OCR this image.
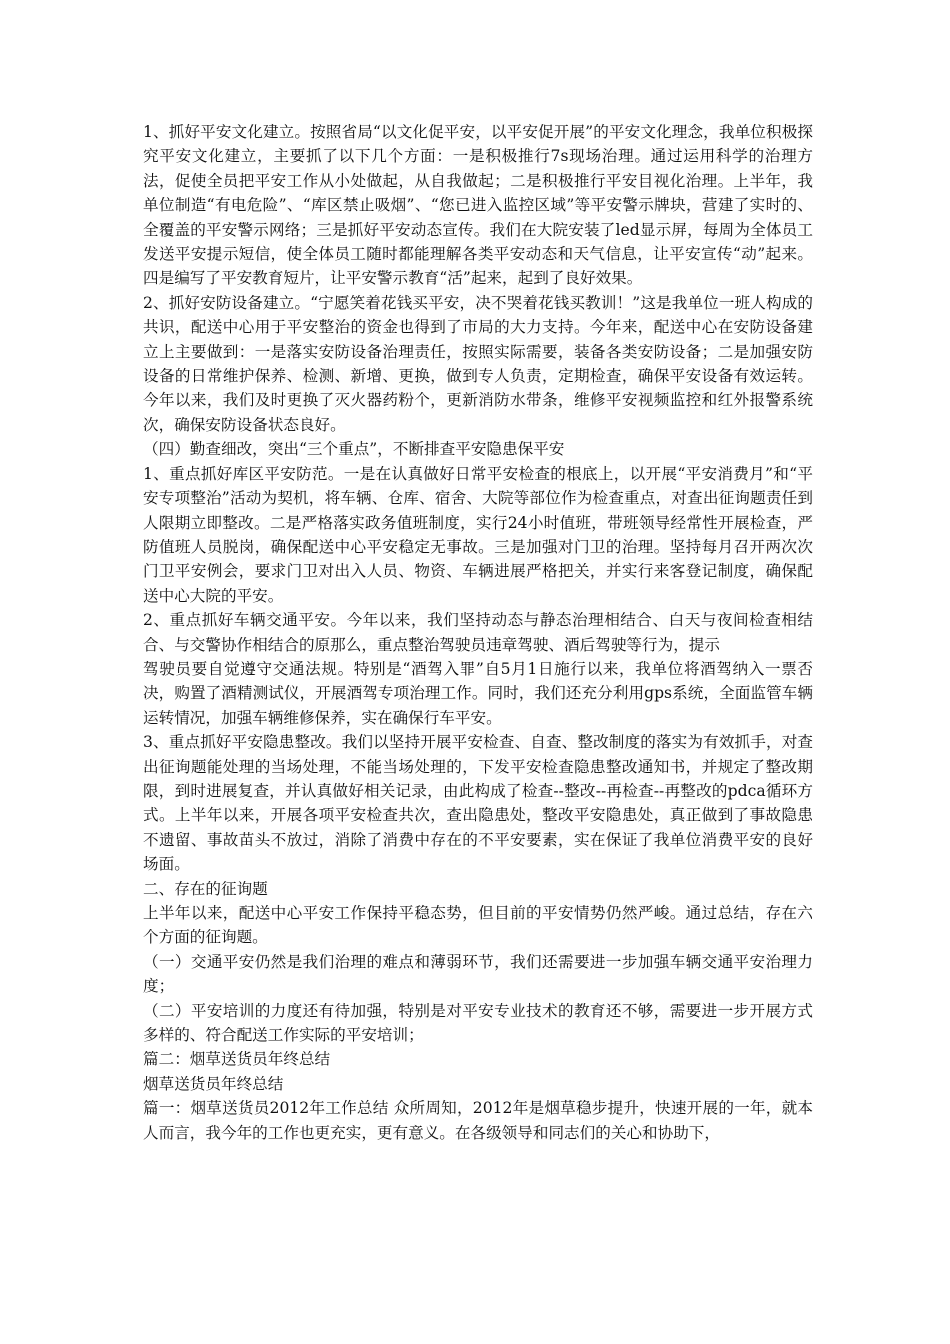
1、抓好平安文化建立。按照省局“以文化促平安，以平安促开展”的平安文化理念，我单位积极探究平安文化建立，主要抓了以下几个方面：一是积极推行7s现场治理。通过运用科学的治理方法，促使全员把平安工作从小处做起，从自我做起；二是积极推行平安目视化治理。上半年，我单位制造“有电危险”、“库区禁止吸烟”、“您已进入监控区域”等平安警示牌块，营建了实时的、全覆盖的平安警示网络；三是抓好平安动态宣传。我们在大院安装了led显示屏，每周为全体员工发送平安提示短信，使全体员工随时都能理解各类平安动态和天气信息，让平安宣传“动”起来。四是编写了平安教育短片，让平安警示教育“活”起来，起到了良好效果。

2、抓好安防设备建立。“宁愿笑着花钱买平安，决不哭着花钱买教训！”这是我单位一班人构成的共识，配送中心用于平安整治的资金也得到了市局的大力支持。今年来，配送中心在安防设备建立上主要做到：一是落实安防设备治理责任，按照实际需要，装备各类安防设备；二是加强安防设备的日常维护保养、检测、新增、更换，做到专人负责，定期检查，确保平安设备有效运转。今年以来，我们及时更换了灭火器药粉个，更新消防水带条，维修平安视频监控和红外报警系统次，确保安防设备状态良好。

（四）勤查细改，突出“三个重点”，不断排查平安隐患保平安

1、重点抓好库区平安防范。一是在认真做好日常平安检查的根底上，以开展“平安消费月”和“平安专项整治”活动为契机，将车辆、仓库、宿舍、大院等部位作为检查重点，对查出征询题责任到人限期立即整改。二是严格落实政务值班制度，实行24小时值班，带班领导经常性开展检查，严防值班人员脱岗，确保配送中心平安稳定无事故。三是加强对门卫的治理。坚持每月召开两次次门卫平安例会，要求门卫对出入人员、物资、车辆进展严格把关，并实行来客登记制度，确保配送中心大院的平安。

2、重点抓好车辆交通平安。今年以来，我们坚持动态与静态治理相结合、白天与夜间检查相结合、与交警协作相结合的原那么，重点整治驾驶员违章驾驶、酒后驾驶等行为，提示

驾驶员要自觉遵守交通法规。特别是“酒驾入罪”自5月1日施行以来，我单位将酒驾纳入一票否决，购置了酒精测试仪，开展酒驾专项治理工作。同时，我们还充分利用gps系统，全面监管车辆运转情况，加强车辆维修保养，实在确保行车平安。

3、重点抓好平安隐患整改。我们以坚持开展平安检查、自查、整改制度的落实为有效抓手，对查出征询题能处理的当场处理，不能当场处理的，下发平安检查隐患整改通知书，并规定了整改期限，到时进展复查，并认真做好相关记录，由此构成了检查--整改--再检查--再整改的pdca循环方式。上半年以来，开展各项平安检查共次，查出隐患处，整改平安隐患处，真正做到了事故隐患不遗留、事故苗头不放过，消除了消费中存在的不平安要素，实在保证了我单位消费平安的良好场面。

二、存在的征询题

上半年以来，配送中心平安工作保持平稳态势，但目前的平安情势仍然严峻。通过总结，存在六个方面的征询题。

（一）交通平安仍然是我们治理的难点和薄弱环节，我们还需要进一步加强车辆交通平安治理力度；

（二）平安培训的力度还有待加强，特别是对平安专业技术的教育还不够，需要进一步开展方式多样的、符合配送工作实际的平安培训；

篇二：烟草送货员年终总结

烟草送货员年终总结

篇一：烟草送货员2012年工作总结 众所周知，2012年是烟草稳步提升，快速开展的一年，就本人而言，我今年的工作也更充实，更有意义。在各级领导和同志们的关心和协助下，
